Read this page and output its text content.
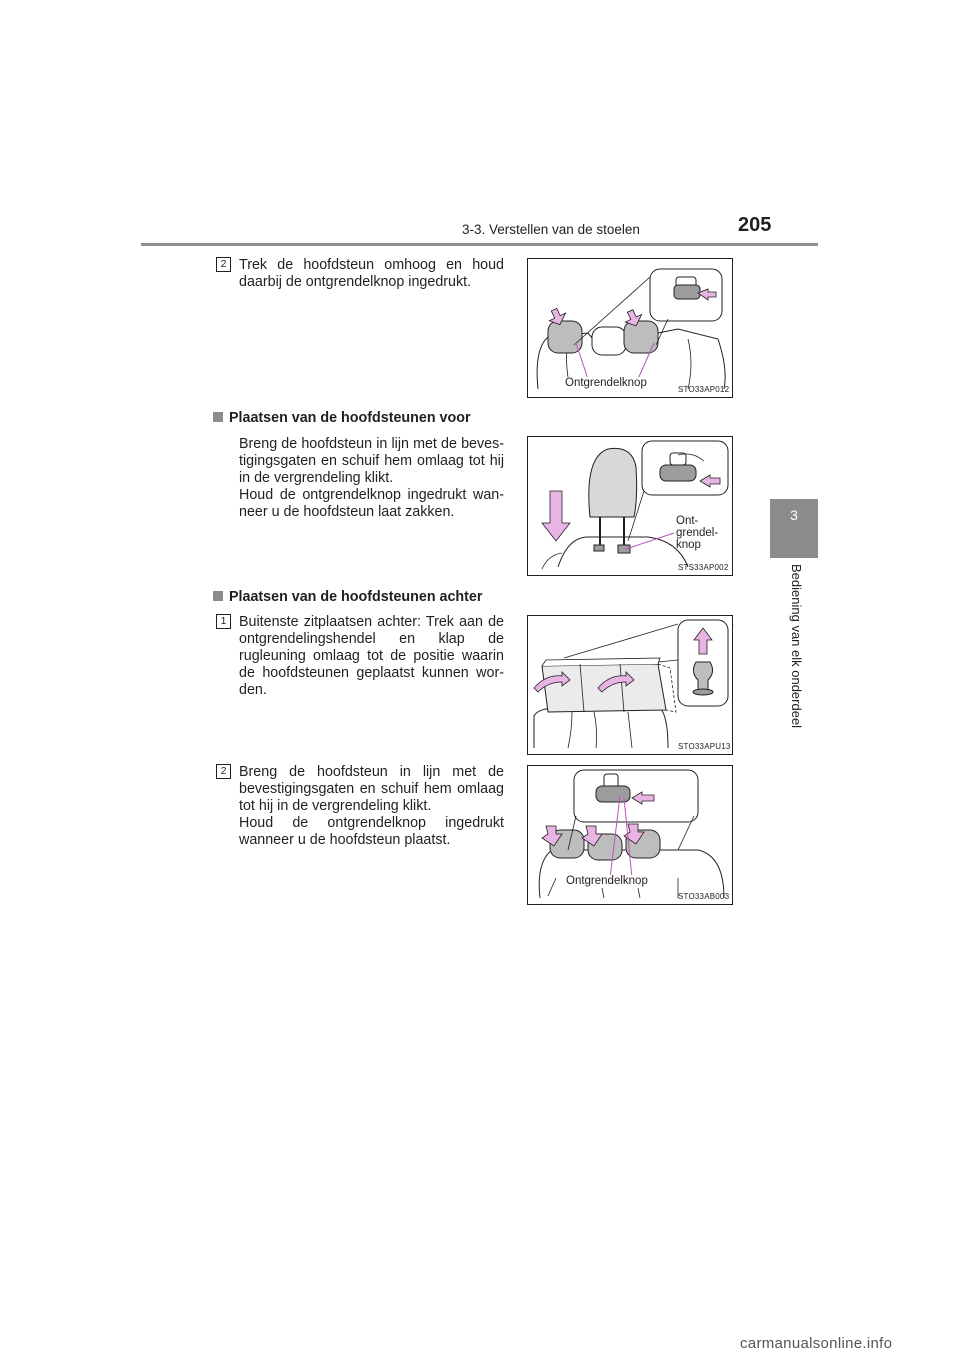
3-3. Verstellen van de stoelen	205
3
Bediening van elk onderdeel
2 Trek de hoofdsteun omhoog en houd daarbij de ontgrendelknop ingedrukt.
Ontgrendelknop
STO33AP012
Plaatsen van de hoofdsteunen voor

Breng de hoofdsteun in lijn met de beves-tigingsgaten en schuif hem omlaag tot hij in de vergrendeling klikt.

Houd de ontgrendelknop ingedrukt wan-neer u de hoofdsteun laat zakken.

Ont-
grendel-
knop
STS33AP002
Plaatsen van de hoofdsteunen achter
1 Buitenste zitplaatsen achter: Trek aan de ontgrendelingshendel en klap de rugleuning omlaag tot de positie waarin de hoofdsteunen geplaatst kunnen wor-den.
STO33APU13
2 Breng de hoofdsteun in lijn met de bevestigingsgaten en schuif hem omlaag tot hij in de vergrendeling klikt.

Houd de ontgrendelknop ingedrukt wanneer u de hoofdsteun plaatst.

Ontgrendelknop
STO33AB003
carmanualsonline.info
